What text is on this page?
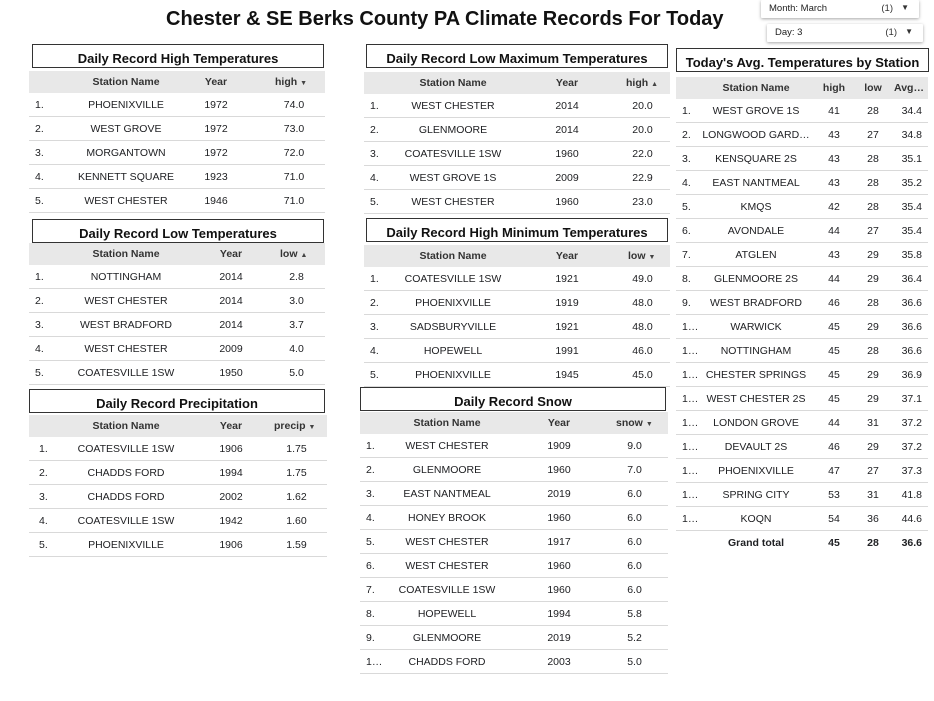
Chester & SE Berks County PA Climate Records For Today	Month: March	(1) ▼
Day: 3	(1) ▼
Daily Record High Temperatures
Station Name	Year	high ▼
1.	PHOENIXVILLE	1972	74.0
2.	WEST GROVE	1972	73.0
3.	MORGANTOWN	1972	72.0
4.	KENNETT SQUARE	1923	71.0
5.	WEST CHESTER	1946	71.0
Daily Record Low Temperatures
Station Name	Year	low ▲
1.	NOTTINGHAM	2014	2.8
2.	WEST CHESTER	2014	3.0
3.	WEST BRADFORD	2014	3.7
4.	WEST CHESTER	2009	4.0
5.	COATESVILLE 1SW	1950	5.0
Daily Record Precipitation
Station Name	Year	precip ▼
1.	COATESVILLE 1SW	1906	1.75
2.	CHADDS FORD	1994	1.75
3.	CHADDS FORD	2002	1.62
4.	COATESVILLE 1SW	1942	1.60
5.	PHOENIXVILLE	1906	1.59
Daily Record Low Maximum Temperatures
Station Name	Year	high ▲
1.	WEST CHESTER	2014	20.0
2.	GLENMOORE	2014	20.0
3.	COATESVILLE 1SW	1960	22.0
4.	WEST GROVE 1S	2009	22.9
5.	WEST CHESTER	1960	23.0
Daily Record High Minimum Temperatures
Station Name	Year	low ▼
1.	COATESVILLE 1SW	1921	49.0
2.	PHOENIXVILLE	1919	48.0
3.	SADSBURYVILLE	1921	48.0
4.	HOPEWELL	1991	46.0
5.	PHOENIXVILLE	1945	45.0
Daily Record Snow
Station Name	Year	snow ▼
1.	WEST CHESTER	1909	9.0
2.	GLENMOORE	1960	7.0
3.	EAST NANTMEAL	2019	6.0
4.	HONEY BROOK	1960	6.0
5.	WEST CHESTER	1917	6.0
6.	WEST CHESTER	1960	6.0
7.	COATESVILLE 1SW	1960	6.0
8.	HOPEWELL	1994	5.8
9.	GLENMOORE	2019	5.2
1…	CHADDS FORD	2003	5.0
Today's Avg. Temperatures by Station
Station Name	high	low	Avg…
1.	WEST GROVE 1S	41	28	34.4
2.	LONGWOOD GARD…	43	27	34.8
3.	KENSQUARE 2S	43	28	35.1
4.	EAST NANTMEAL	43	28	35.2
5.	KMQS	42	28	35.4
6.	AVONDALE	44	27	35.4
7.	ATGLEN	43	29	35.8
8.	GLENMOORE 2S	44	29	36.4
9.	WEST BRADFORD	46	28	36.6
1…	WARWICK	45	29	36.6
1…	NOTTINGHAM	45	28	36.6
1… CHESTER SPRINGS	45	29	36.9
1… WEST CHESTER 2S	45	29	37.1
1…	LONDON GROVE	44	31	37.2
1…	DEVAULT 2S	46	29	37.2
1…	PHOENIXVILLE	47	27	37.3
1…	SPRING CITY	53	31	41.8
1…	KOQN	54	36	44.6
Grand total	45	28	36.6
